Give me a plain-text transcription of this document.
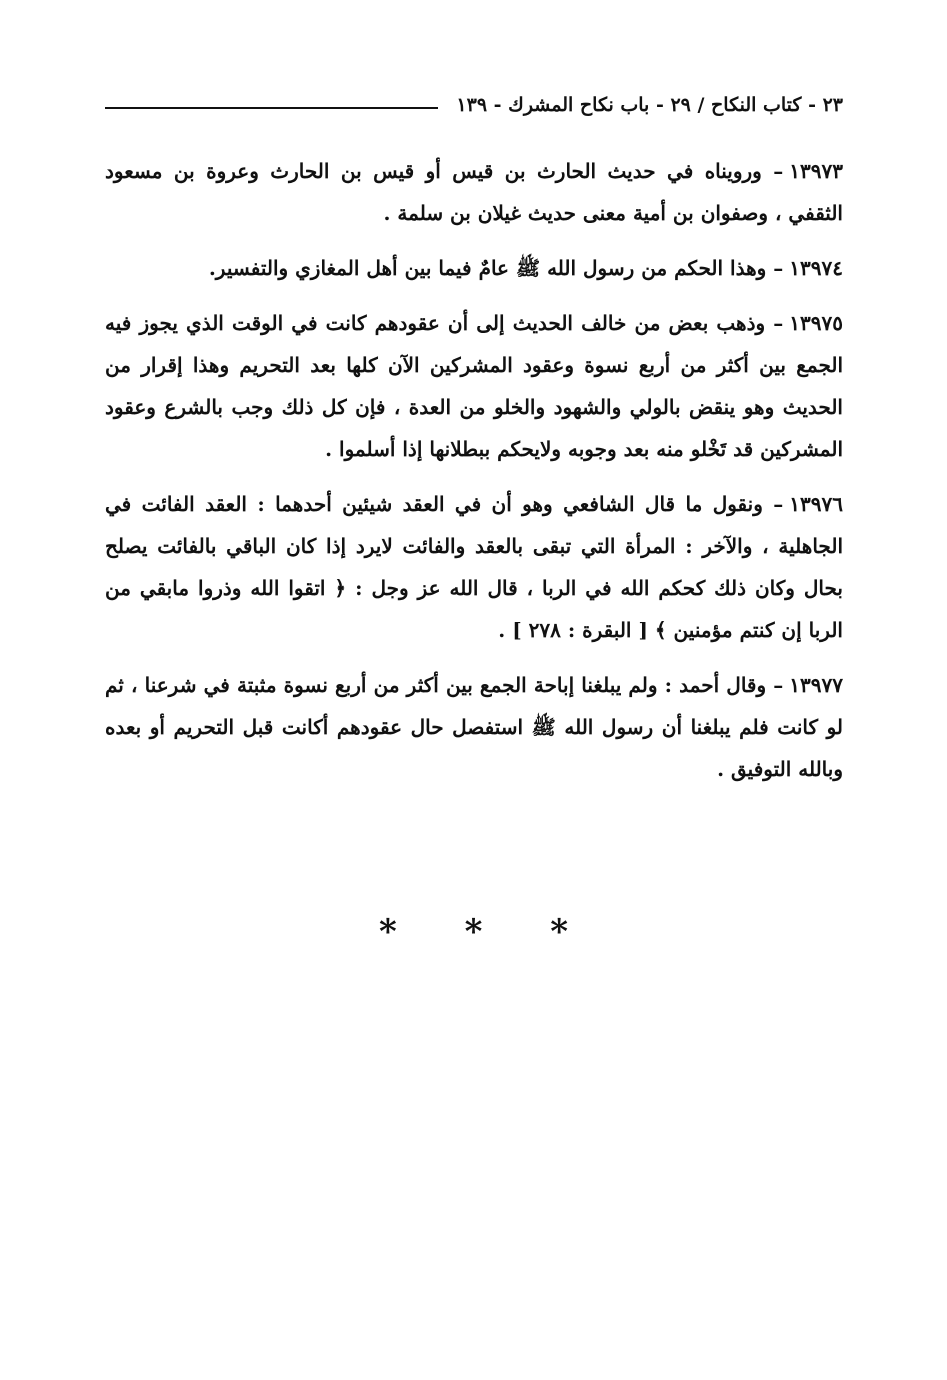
٢٣ - كتاب النكاح / ٢٩ - باب نكاح المشرك - ١٣٩

١٣٩٧٣– ورويناه في حديث الحارث بن قيس أو قيس بن الحارث وعروة بن مسعود الثقفي ، وصفوان بن أمية معنى حديث غيلان بن سلمة .

١٣٩٧٤– وهذا الحكم من رسول الله ﷺ عامٌ فيما بين أهل المغازي والتفسير.

١٣٩٧٥– وذهب بعض من خالف الحديث إلى أن عقودهم كانت في الوقت الذي يجوز فيه الجمع بين أكثر من أربع نسوة وعقود المشركين الآن كلها بعد التحريم وهذا إقرار من الحديث وهو ينقض بالولي والشهود والخلو من العدة ، فإن كل ذلك وجب بالشرع وعقود المشركين قد تَخْلو منه بعد وجوبه ولايحكم ببطلانها إذا أسلموا .

١٣٩٧٦– ونقول ما قال الشافعي وهو أن في العقد شيئين أحدهما : العقد الفائت في الجاهلية ، والآخر : المرأة التي تبقى بالعقد والفائت لايرد إذا كان الباقي بالفائت يصلح بحال وكان ذلك كحكم الله في الربا ، قال الله عز وجل : ﴿ اتقوا الله وذروا مابقي من الربا إن كنتم مؤمنين ﴾ [ البقرة : ٢٧٨ ] .

١٣٩٧٧– وقال أحمد : ولم يبلغنا إباحة الجمع بين أكثر من أربع نسوة مثبتة في شرعنا ، ثم لو كانت فلم يبلغنا أن رسول الله ﷺ استفصل حال عقودهم أكانت قبل التحريم أو بعده وبالله التوفيق .

* * *
